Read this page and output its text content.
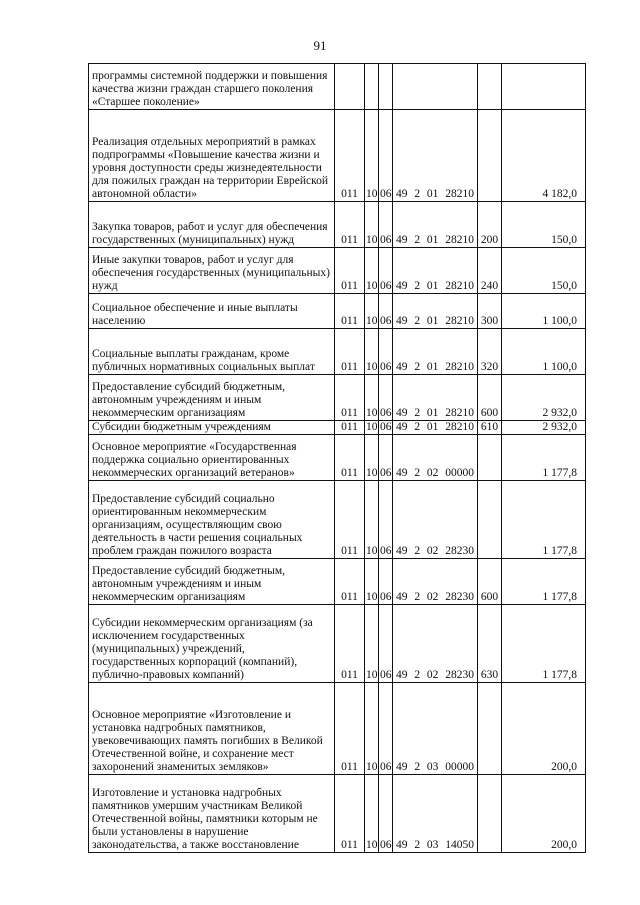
91
программы системной поддержки и повышения качества жизни граждан старшего поколения «Старшее поколение»				

Реализация отдельных мероприятий в рамках подпрограммы «Повышение качества жизни и уровня доступности среды жизнедеятельности для пожилых граждан на территории Еврейской автономной области»	011	10	06	49 2 01 28210		4 182,0
Закупка товаров, работ и услуг для обеспечения государственных (муниципальных) нужд	011	10	06	49 2 01 28210	200	150,0
Иные закупки товаров, работ и услуг для обеспечения государственных (муниципальных) нужд	011	10	06	49 2 01 28210	240	150,0
Социальное обеспечение и иные выплаты населению	011	10	06	49 2 01 28210	300	1 100,0
Социальные выплаты гражданам, кроме публичных нормативных социальных выплат	011	10	06	49 2 01 28210	320	1 100,0
Предоставление субсидий бюджетным, автономным учреждениям и иным некоммерческим организациям	011	10	06	49 2 01 28210	600	2 932,0
Субсидии бюджетным учреждениям	011	10	06	49 2 01 28210	610	2 932,0
Основное мероприятие «Государственная поддержка социально ориентированных некоммерческих организаций ветеранов»	011	10	06	49 2 02 00000		1 177,8
Предоставление субсидий социально ориентированным некоммерческим организациям, осуществляющим свою деятельность в части решения социальных проблем граждан пожилого возраста	011	10	06	49 2 02 28230		1 177,8
Предоставление субсидий бюджетным, автономным учреждениям и иным некоммерческим организациям	011	10	06	49 2 02 28230	600	1 177,8
Субсидии некоммерческим организациям (за исключением государственных (муниципальных) учреждений, государственных корпораций (компаний), публично-правовых компаний)	011	10	06	49 2 02 28230	630	1 177,8
Основное мероприятие «Изготовление и установка надгробных памятников, увековечивающих память погибших в Великой Отечественной войне, и сохранение мест захоронений знаменитых земляков»	011	10	06	49 2 03 00000		200,0
Изготовление и установка надгробных памятников умершим участникам Великой Отечественной войны, памятники которым не были установлены в нарушение законодательства, а также восстановление	011	10	06	49 2 03 14050		200,0
